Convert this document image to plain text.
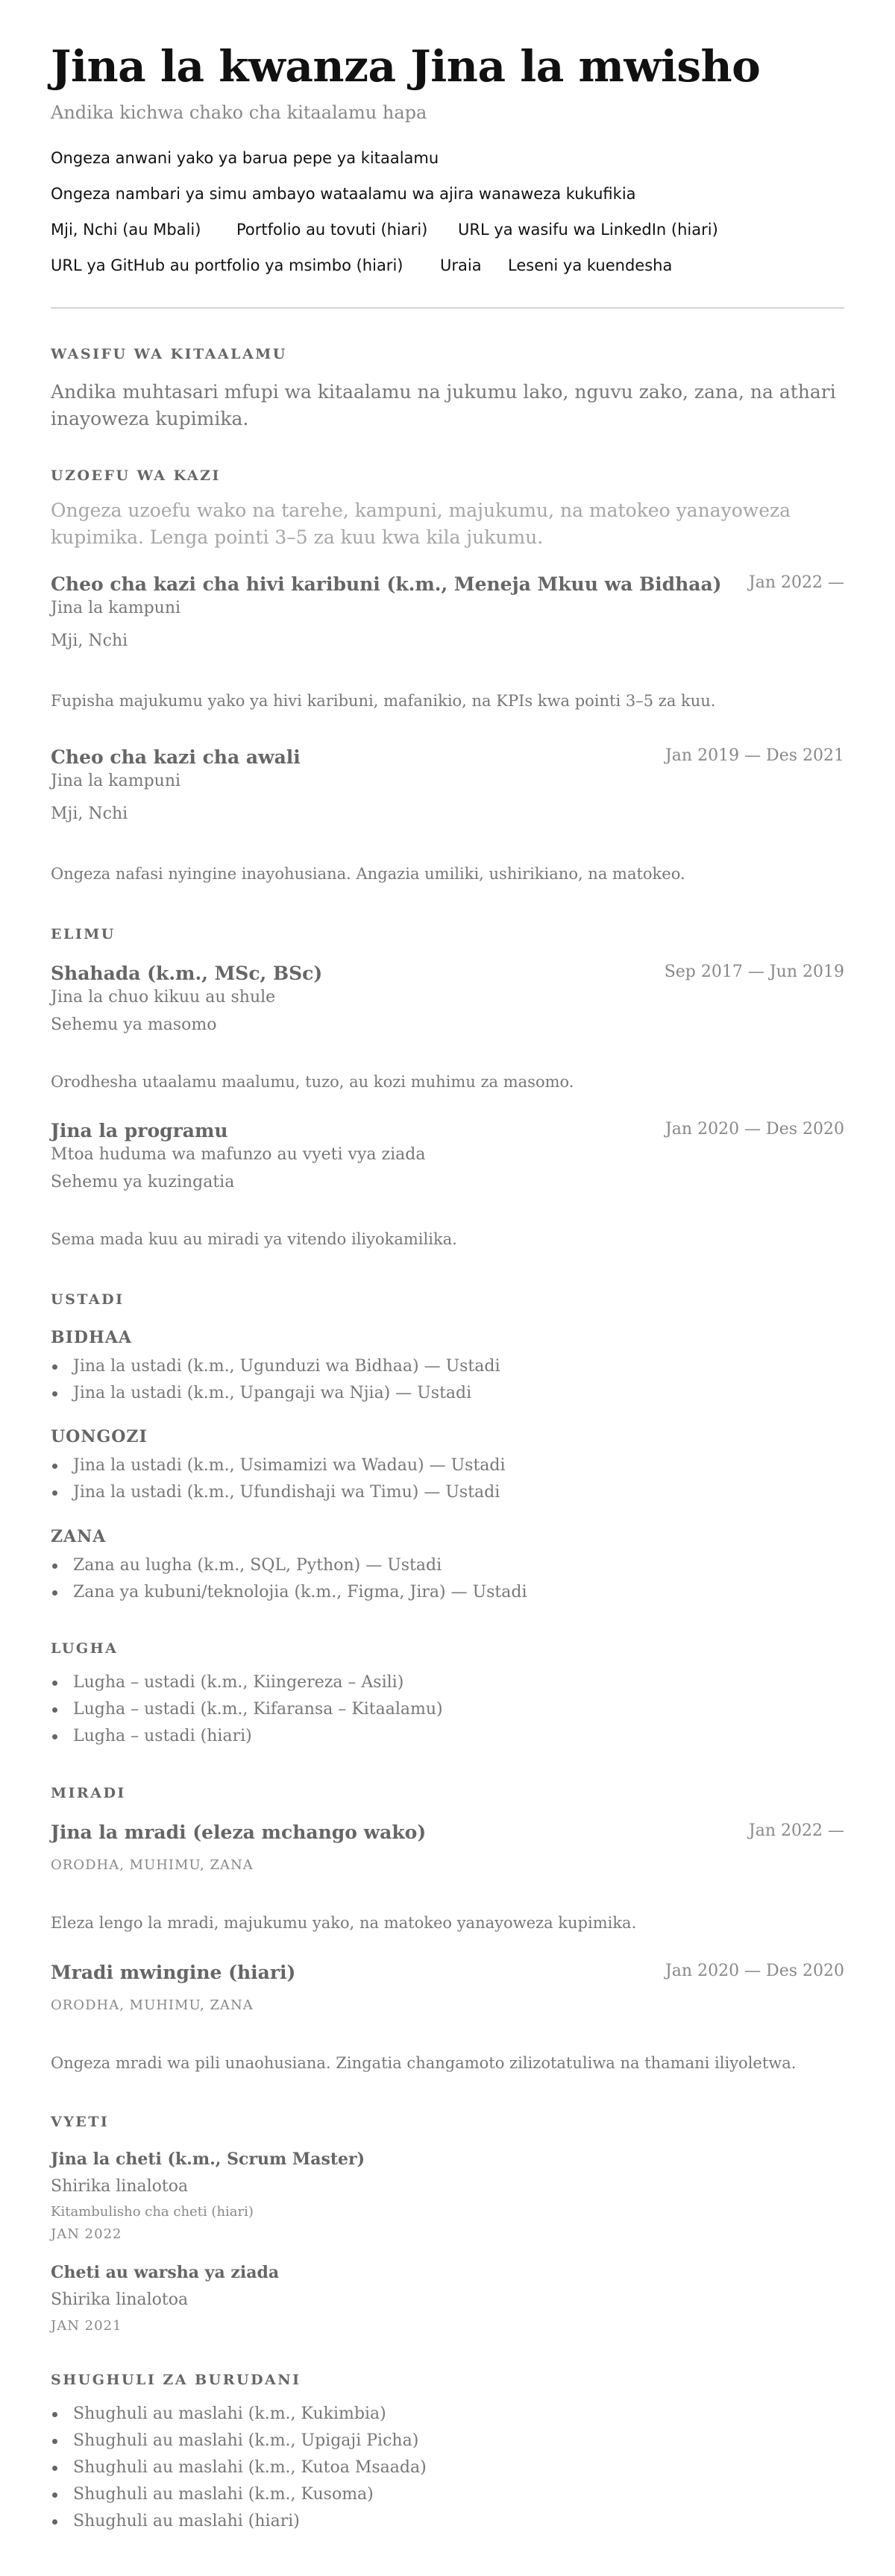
Jina la kwanza Jina la mwisho
Andika kichwa chako cha kitaalamu hapa
Ongeza anwani yako ya barua pepe ya kitaalamu
Ongeza nambari ya simu ambayo wataalamu wa ajira wanaweza kukufikia
Mji, Nchi (au Mbali) Portfolio au tovuti (hiari) URL ya wasifu wa LinkedIn (hiari)
URL ya GitHub au portfolio ya msimbo (hiari) Uraia Leseni ya kuendesha
WASIFU WA KITAALAMU
Andika muhtasari mfupi wa kitaalamu na jukumu lako, nguvu zako, zana, na athari inayoweza kupimika.
UZOEFU WA KAZI
Ongeza uzoefu wako na tarehe, kampuni, majukumu, na matokeo yanayoweza kupimika. Lenga pointi 3–5 za kuu kwa kila jukumu.
Cheo cha kazi cha hivi karibuni (k.m., Meneja Mkuu wa Bidhaa) Jan 2022 —
Jina la kampuni
Mji, Nchi
Fupisha majukumu yako ya hivi karibuni, mafanikio, na KPIs kwa pointi 3–5 za kuu.
Cheo cha kazi cha awali	Jan 2019 — Des 2021
Jina la kampuni
Mji, Nchi
Ongeza nafasi nyingine inayohusiana. Angazia umiliki, ushirikiano, na matokeo.
ELIMU
Shahada (k.m., MSc, BSc)	Sep 2017 — Jun 2019
Jina la chuo kikuu au shule
Sehemu ya masomo
Orodhesha utaalamu maalumu, tuzo, au kozi muhimu za masomo.
Jina la programu	Jan 2020 — Des 2020
Mtoa huduma wa mafunzo au vyeti vya ziada
Sehemu ya kuzingatia
Sema mada kuu au miradi ya vitendo iliyokamilika.
USTADI
BIDHAA
Jina la ustadi (k.m., Ugunduzi wa Bidhaa) — Ustadi
Jina la ustadi (k.m., Upangaji wa Njia) — Ustadi
UONGOZI
Jina la ustadi (k.m., Usimamizi wa Wadau) — Ustadi
Jina la ustadi (k.m., Ufundishaji wa Timu) — Ustadi
ZANA
Zana au lugha (k.m., SQL, Python) — Ustadi
Zana ya kubuni/teknolojia (k.m., Figma, Jira) — Ustadi
LUGHA
Lugha – ustadi (k.m., Kiingereza – Asili)
Lugha – ustadi (k.m., Kifaransa – Kitaalamu)
Lugha – ustadi (hiari)
MIRADI
Jina la mradi (eleza mchango wako)	Jan 2022 —
ORODHA, MUHIMU, ZANA
Eleza lengo la mradi, majukumu yako, na matokeo yanayoweza kupimika.
Mradi mwingine (hiari)	Jan 2020 — Des 2020
ORODHA, MUHIMU, ZANA
Ongeza mradi wa pili unaohusiana. Zingatia changamoto zilizotatuliwa na thamani iliyoletwa.
VYETI
Jina la cheti (k.m., Scrum Master)
Shirika linalotoa
Kitambulisho cha cheti (hiari)
JAN 2022
Cheti au warsha ya ziada
Shirika linalotoa
JAN 2021
SHUGHULI ZA BURUDANI
Shughuli au maslahi (k.m., Kukimbia)
Shughuli au maslahi (k.m., Upigaji Picha)
Shughuli au maslahi (k.m., Kutoa Msaada)
Shughuli au maslahi (k.m., Kusoma)
Shughuli au maslahi (hiari)
